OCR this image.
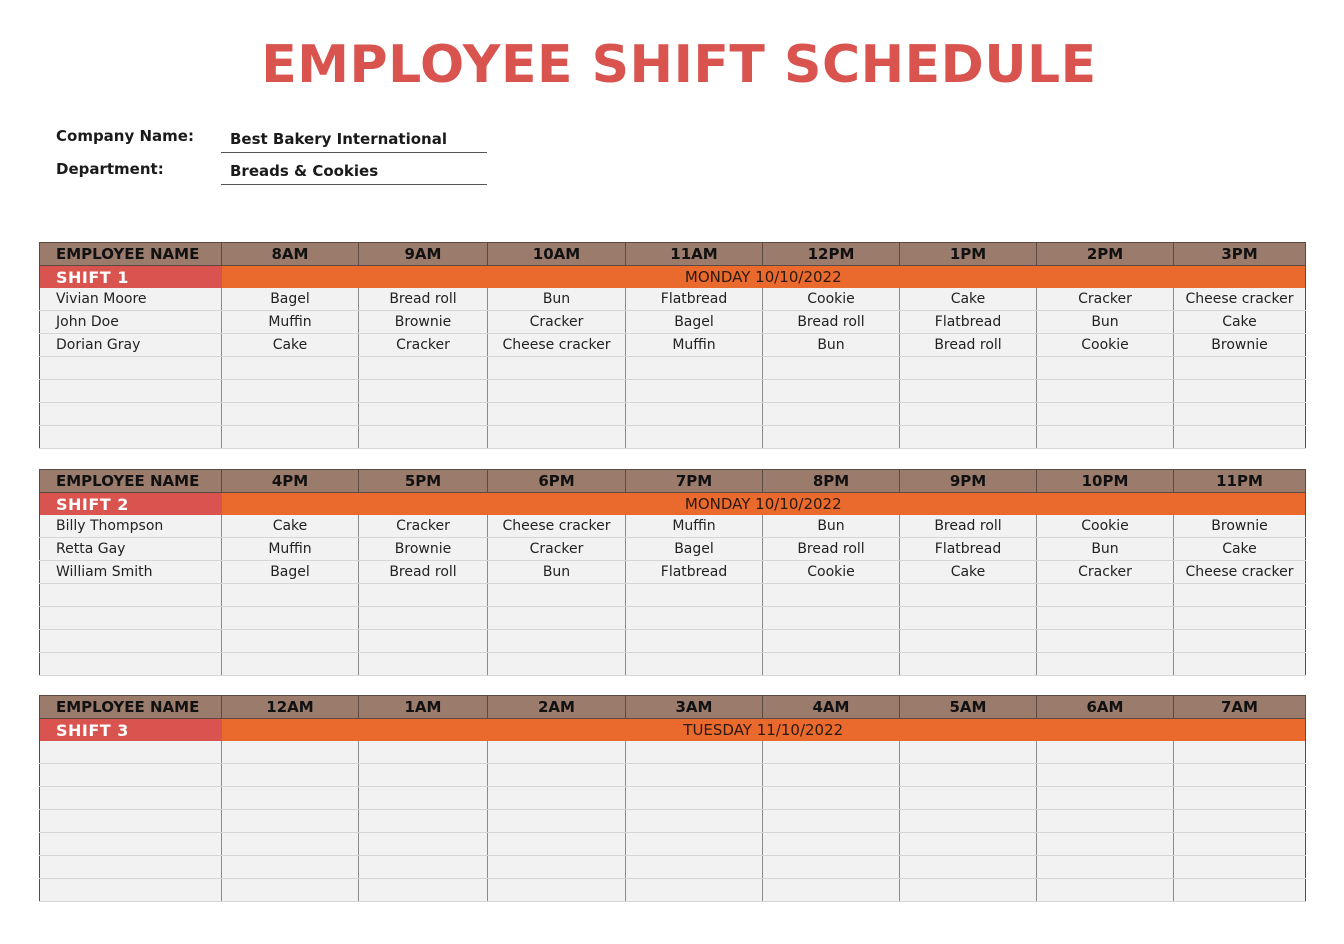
EMPLOYEE SHIFT SCHEDULE
Company Name:	Best Bakery International
Department:	Breads & Cookies
EMPLOYEE NAME	8AM	9AM	10AM	11AM	12PM	1PM	2PM	3PM
SHIFT 1	MONDAY 10/10/2022							
Vivian Moore	Bagel	Bread roll	Bun	Flatbread	Cookie	Cake	Cracker	Cheese cracker
John Doe	Muffin	Brownie	Cracker	Bagel	Bread roll	Flatbread	Bun	Cake
Dorian Gray	Cake	Cracker	Cheese cracker	Muffin	Bun	Bread roll	Cookie	Brownie

EMPLOYEE NAME	4PM	5PM	6PM	7PM	8PM	9PM	10PM	11PM
SHIFT 2	MONDAY 10/10/2022							
Billy Thompson	Cake	Cracker	Cheese cracker	Muffin	Bun	Bread roll	Cookie	Brownie
Retta Gay	Muffin	Brownie	Cracker	Bagel	Bread roll	Flatbread	Bun	Cake
William Smith	Bagel	Bread roll	Bun	Flatbread	Cookie	Cake	Cracker	Cheese cracker

EMPLOYEE NAME	12AM	1AM	2AM	3AM	4AM	5AM	6AM	7AM
SHIFT 3	TUESDAY 11/10/2022							
